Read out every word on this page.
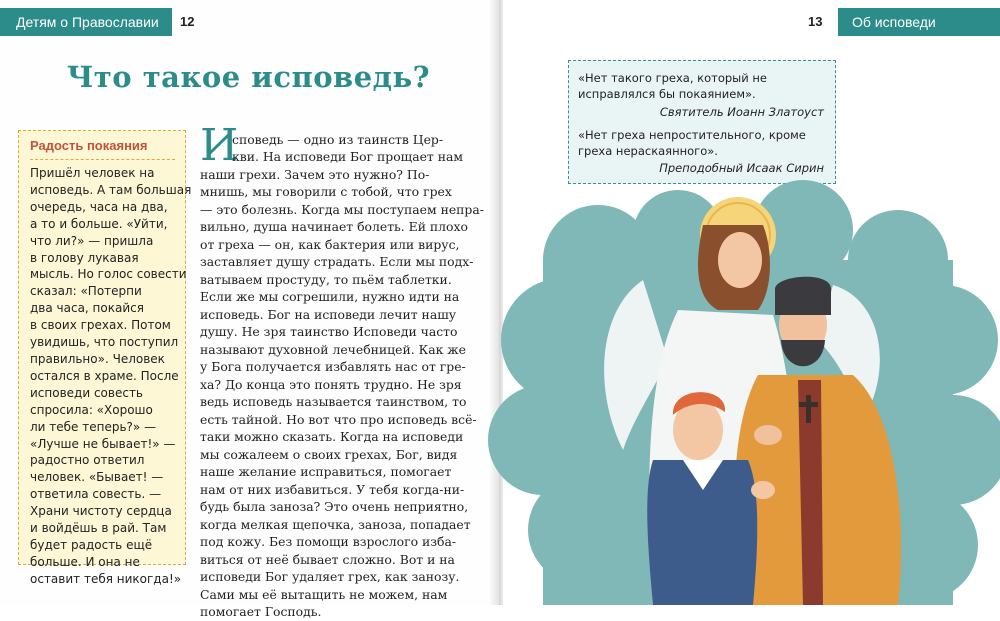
Детям о Православии	12
Что такое исповедь?
Радость покаяния

Пришёл человек на
исповедь. А там большая
очередь, часа на два,
а то и больше. «Уйти,
что ли?» — пришла
в голову лукавая
мысль. Но голос совести
сказал: «Потерпи
два часа, покайся
в своих грехах. Потом
увидишь, что поступил
правильно». Человек
остался в храме. После
исповеди совесть
спросила: «Хорошо
ли тебе теперь?» —
«Лучше не бывает!» —
радостно ответил
человек. «Бывает! —
ответила совесть. —
Храни чистоту сердца
и войдёшь в рай. Там
будет радость ещё
больше. И она не
оставит тебя никогда!»

И

споведь — одно из таинств Цер-
кви. На исповеди Бог прощает нам

наши грехи. Зачем это нужно? По-
мнишь, мы говорили с тобой, что грех
— это болезнь. Когда мы поступаем непра-
вильно, душа начинает болеть. Ей плохо
от греха — он, как бактерия или вирус,
заставляет душу страдать. Если мы подх-
ватываем простуду, то пьём таблетки.
Если же мы согрешили, нужно идти на
исповедь. Бог на исповеди лечит нашу
душу. Не зря таинство Исповеди часто
называют духовной лечебницей. Как же
у Бога получается избавлять нас от гре-
ха? До конца это понять трудно. Не зря
ведь исповедь называется таинством, то
есть тайной. Но вот что про исповедь всё-
таки можно сказать. Когда на исповеди
мы сожалеем о своих грехах, Бог, видя
наше желание исправиться, помогает
нам от них избавиться. У тебя когда-ни-
будь была заноза? Это очень неприятно,
когда мелкая щепочка, заноза, попадает
под кожу. Без помощи взрослого изба-
виться от неё бывает сложно. Вот и на
исповеди Бог удаляет грех, как занозу.
Сами мы её вытащить не можем, нам
помогает Господь.

13	Об исповеди

«Нет такого греха, который не
исправлялся бы покаянием».

Святитель Иоанн Златоуст

«Нет греха непростительного, кроме
греха нераскаянного».

Преподобный Исаак Сирин
